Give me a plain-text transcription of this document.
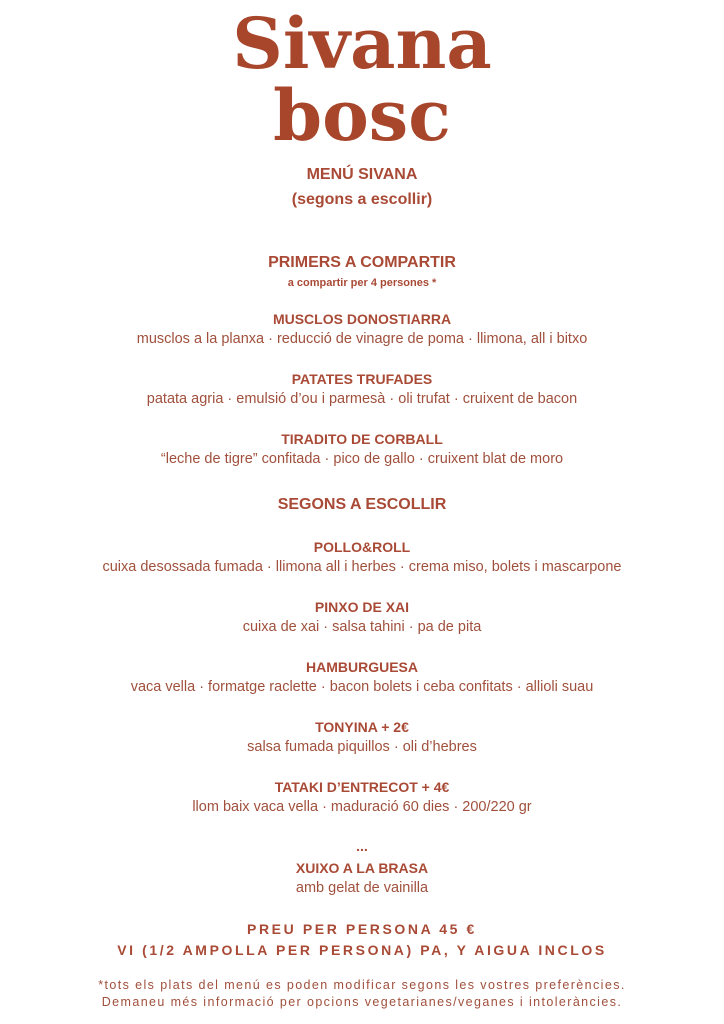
Sivana
bosc
MENÚ SIVANA
(segons a escollir)
PRIMERS A COMPARTIR
a compartir per 4 persones *
MUSCLOS DONOSTIARRA
musclos a la planxa · reducció de vinagre de poma · llimona, all i bitxo
PATATES TRUFADES
patata agria · emulsió d’ou i parmesà · oli trufat · cruixent de bacon
TIRADITO DE CORBALL
“leche de tigre” confitada · pico de gallo · cruixent blat de moro
SEGONS A ESCOLLIR
POLLO&ROLL
cuixa desossada fumada · llimona all i herbes · crema miso, bolets i mascarpone
PINXO DE XAI
cuixa de xai · salsa tahini · pa de pita
HAMBURGUESA
vaca vella · formatge raclette · bacon bolets i ceba confitats · allioli suau
TONYINA + 2€
salsa fumada piquillos · oli d’hebres
TATAKI D’ENTRECOT + 4€
llom baix vaca vella · maduració 60 dies · 200/220 gr
...
XUIXO A LA BRASA
amb gelat de vainilla
PREU PER PERSONA 45 €
VI (1/2 AMPOLLA PER PERSONA) PA, Y AIGUA INCLOS
*tots els plats del menú es poden modificar segons les vostres preferències.
Demaneu més informació per opcions vegetarianes/veganes i intoleràncies.
